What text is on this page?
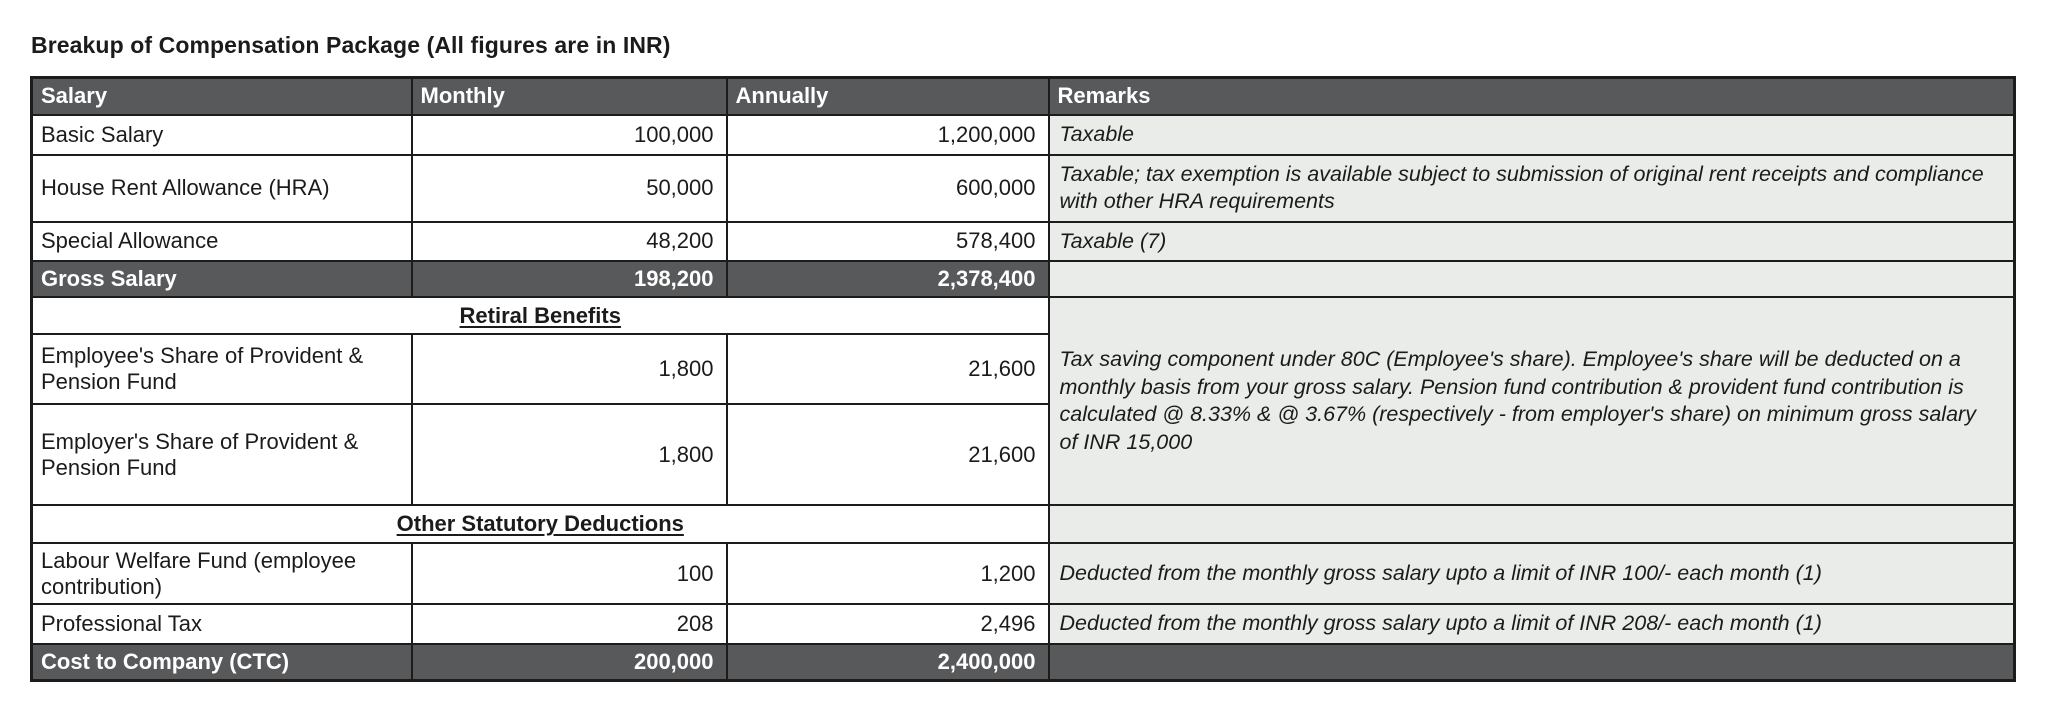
Breakup of Compensation Package (All figures are in INR)
Salary	Monthly	Annually	Remarks
Basic Salary	100,000	1,200,000	Taxable
House Rent Allowance (HRA)	50,000	600,000	Taxable; tax exemption is available subject to submission of original rent receipts and compliance with other HRA requirements
Special Allowance	48,200	578,400	Taxable (7)
Gross Salary	198,200	2,378,400	
Retiral Benefits			Tax saving component under 80C (Employee's share). Employee's share will be deducted on a monthly basis from your gross salary. Pension fund contribution & provident fund contribution is calculated @ 8.33% & @ 3.67% (respectively - from employer's share) on minimum gross salary of INR 15,000
Employee's Share of Provident & Pension Fund	1,800	21,600	
Employer's Share of Provident & Pension Fund	1,800	21,600	
Other Statutory Deductions			
Labour Welfare Fund (employee contribution)	100	1,200	Deducted from the monthly gross salary upto a limit of INR 100/- each month (1)
Professional Tax	208	2,496	Deducted from the monthly gross salary upto a limit of INR 208/- each month (1)
Cost to Company (CTC)	200,000	2,400,000	
